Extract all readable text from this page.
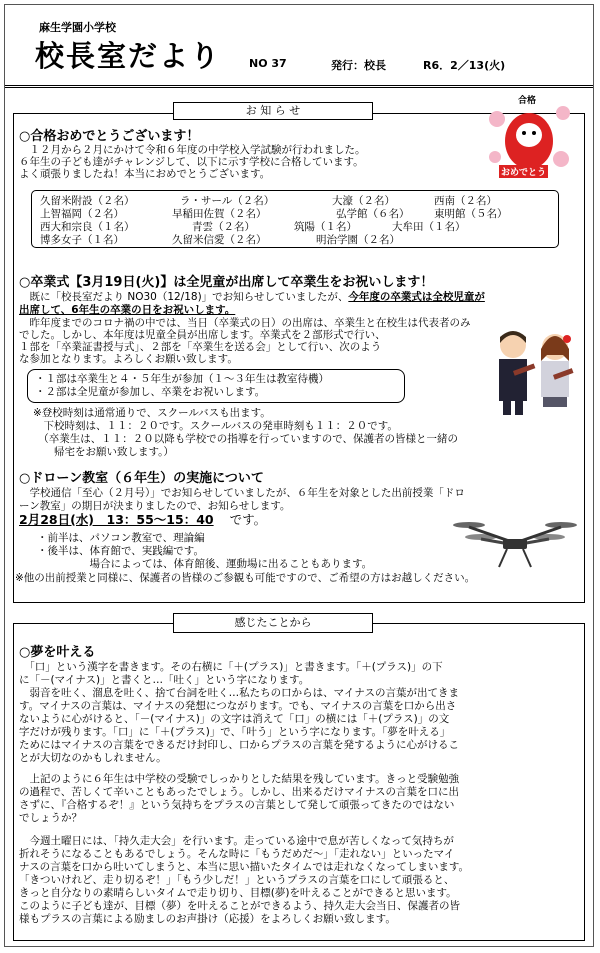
麻生学園小学校
校長室だより	NO 37	発行：校長	R6．2／13(火)
お 知 ら せ
合格
おめでとう
○合格おめでとうございます！
　１２月から２月にかけて令和６年度の中学校入学試験が行われました。
６年生の子ども達がチャレンジして、以下に示す学校に合格しています。
よく頑張りましたね！本当におめでとうございます。
久留米附設（２名）	ラ・サール（２名）	大濠（２名）	西南（２名）
上智福岡（２名）	早稲田佐賀（２名）	弘学館（６名） 東明館（５名）
西大和宗良（１名）	青雲（２名）	筑陽（１名）	大牟田（１名）
博多女子（１名）	久留米信愛（２名）	明治学園（２名）
○卒業式【3月19日(火)】は全児童が出席して卒業生をお祝いします！
　既に「校長室だより NO30（12/18)」でお知らせしていましたが、今年度の卒業式は全校児童が
出席して、6年生の卒業の日をお祝いします。
　昨年度までのコロナ禍の中では、当日（卒業式の日）の出席は、卒業生と在校生は代表者のみ
でした。しかし、本年度は児童全員が出席します。卒業式を２部形式で行い、
１部を「卒業証書授与式」、２部を「卒業生を送る会」として行い、次のよう
な参加となります。よろしくお願い致します。
・１部は卒業生と４・５年生が参加（１～３年生は教室待機）
・２部は全児童が参加し、卒業をお祝いします。
※登校時刻は通常通りで、スクールバスも出ます。
　下校時刻は、１１：２０です。スクールバスの発車時刻も１１：２０です。
　（卒業生は、１１：２０以降も学校での指導を行っていますので、保護者の皆様と一緒の
　　帰宅をお願い致します。）
○ドローン教室（６年生）の実施について
　学校通信「至心（２月号）」でお知らせしていましたが、６年生を対象とした出前授業「ドロ
ーン教室」の期日が決まりましたので、お知らせします。
2月28日(水)　13：55～15：40 です。
・前半は、パソコン教室で、理論編
・後半は、体育館で、実践編です。
　　　　　場合によっては、体育館後、運動場に出ることもあります。
※他の出前授業と同様に、保護者の皆様のご参観も可能ですので、ご希望の方はお越しください。
感じたことから
○夢を叶える
　「口」という漢字を書きます。その右横に「＋(プラス)」と書きます。「＋(プラス)」の下
に「－(マイナス)」と書くと…「吐く」という字になります。
　弱音を吐く、溜息を吐く、捨て台詞を吐く…私たちの口からは、マイナスの言葉が出てきま
す。マイナスの言葉は、マイナスの発想につながります。でも、マイナスの言葉を口から出さ
ないように心がけると、「－(マイナス)」の文字は消えて「口」の横には「＋(プラス)」の文
字だけが残ります。「口」に「＋(プラス)」で、「叶う」という字になります。「夢を叶える」
ためにはマイナスの言葉をできるだけ封印し、口からプラスの言葉を発するように心がけるこ
とが大切なのかもしれません。
　上記のように６年生は中学校の受験でしっかりとした結果を残しています。きっと受験勉強
の過程で、苦しくて辛いこともあったでしょう。しかし、出来るだけマイナスの言葉を口に出
さずに、『合格するぞ！』という気持ちをプラスの言葉として発して頑張ってきたのではない
でしょうか？
　今週土曜日には、「持久走大会」を行います。走っている途中で息が苦しくなって気持ちが
折れそうになることもあるでしょう。そんな時に「もうだめだ～」「走れない」といったマイ
ナスの言葉を口から吐いてしまうと、本当に思い描いたタイムでは走れなくなってしまいます。
「きついけれど、走り切るぞ！」「もう少しだ！」というプラスの言葉を口にして頑張ると、
きっと自分なりの素晴らしいタイムで走り切り、目標(夢)を叶えることができると思います。
このように子ども達が、目標（夢）を叶えることができるよう、持久走大会当日、保護者の皆
様もプラスの言葉による励ましのお声掛け（応援）をよろしくお願い致します。
